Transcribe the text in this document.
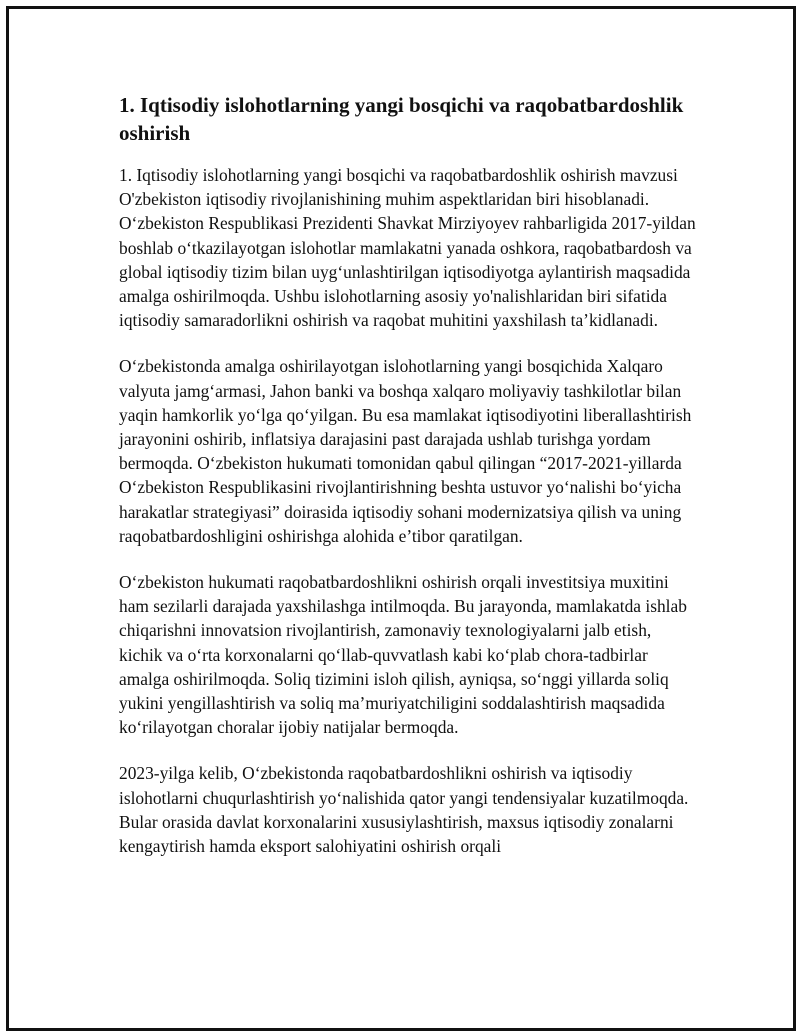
1. Iqtisodiy islohotlarning yangi bosqichi va raqobatbardoshlik oshirish

1. Iqtisodiy islohotlarning yangi bosqichi va raqobatbardoshlik oshirish mavzusi O'zbekiston iqtisodiy rivojlanishining muhim aspektlaridan biri hisoblanadi. O‘zbekiston Respublikasi Prezidenti Shavkat Mirziyoyev rahbarligida 2017-yildan boshlab o‘tkazilayotgan islohotlar mamlakatni yanada oshkora, raqobatbardosh va global iqtisodiy tizim bilan uyg‘unlashtirilgan iqtisodiyotga aylantirish maqsadida amalga oshirilmoqda. Ushbu islohotlarning asosiy yo'nalishlaridan biri sifatida iqtisodiy samaradorlikni oshirish va raqobat muhitini yaxshilash ta’kidlanadi.

O‘zbekistonda amalga oshirilayotgan islohotlarning yangi bosqichida Xalqaro valyuta jamg‘armasi, Jahon banki va boshqa xalqaro moliyaviy tashkilotlar bilan yaqin hamkorlik yo‘lga qo‘yilgan. Bu esa mamlakat iqtisodiyotini liberallashtirish jarayonini oshirib, inflatsiya darajasini past darajada ushlab turishga yordam bermoqda. O‘zbekiston hukumati tomonidan qabul qilingan “2017-2021-yillarda O‘zbekiston Respublikasini rivojlantirishning beshta ustuvor yo‘nalishi bo‘yicha harakatlar strategiyasi” doirasida iqtisodiy sohani modernizatsiya qilish va uning raqobatbardoshligini oshirishga alohida e’tibor qaratilgan.

O‘zbekiston hukumati raqobatbardoshlikni oshirish orqali investitsiya muxitini ham sezilarli darajada yaxshilashga intilmoqda. Bu jarayonda, mamlakatda ishlab chiqarishni innovatsion rivojlantirish, zamonaviy texnologiyalarni jalb etish, kichik va o‘rta korxonalarni qo‘llab-quvvatlash kabi ko‘plab chora-tadbirlar amalga oshirilmoqda. Soliq tizimini isloh qilish, ayniqsa, so‘nggi yillarda soliq yukini yengillashtirish va soliq ma’muriyatchiligini soddalashtirish maqsadida ko‘rilayotgan choralar ijobiy natijalar bermoqda.

2023-yilga kelib, O‘zbekistonda raqobatbardoshlikni oshirish va iqtisodiy islohotlarni chuqurlashtirish yo‘nalishida qator yangi tendensiyalar kuzatilmoqda. Bular orasida davlat korxonalarini xususiylashtirish, maxsus iqtisodiy zonalarni kengaytirish hamda eksport salohiyatini oshirish orqali
